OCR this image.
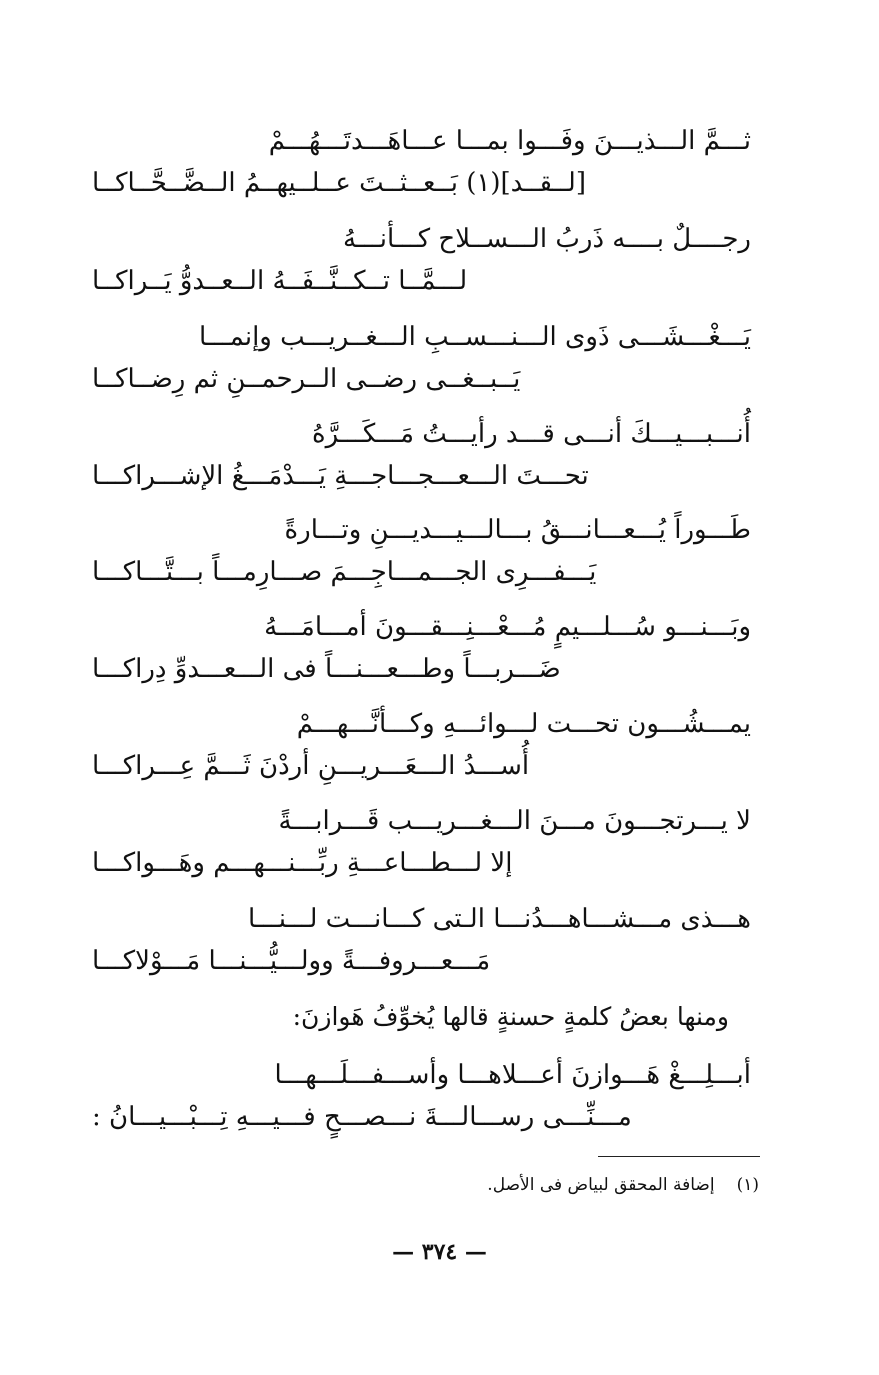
ثـــمَّ الـــذيـــنَ وفَـــوا بمـــا عـــاهَـــدتَـــهُـــمْ
[لــقــد](١) بَــعــثــتَ عــلــيهــمُ الــضَّــحَّــاكــا
رجــــلٌ بــــه ذَربُ الـــســلاح كـــأنـــهُ
لـــمَّــا تــكــنَّــفَــهُ الــعــدوُّ يَــراكــا
يَـــغْـــشَـــى ذَوى الـــنـــســبِ الـــغــريـــب وإنمـــا
يَــبــغــى رضــى الــرحمــنِ ثم رِضــاكــا
أُنـــبـــيـــكَ أنـــى قـــد رأيـــتُ مَـــكَـــرَّهُ
تحـــتَ الـــعـــجـــاجـــةِ يَـــدْمَـــغُ الإشـــراكـــا
طَـــوراً يُـــعـــانـــقُ بـــالـــيـــديـــنِ وتـــارةً
يَـــفـــرِى الجـــمـــاجِـــمَ صـــارِمـــاً بـــتَّـــاكـــا
وبَـــنـــو سُـــلـــيمٍ مُـــعْـــنِـــقـــونَ أمـــامَـــهُ
ضَـــربـــاً وطـــعـــنـــاً فى الـــعـــدوِّ دِراكـــا
يمـــشُـــون تحـــت لـــوائـــهِ وكـــأنَّـــهـــمْ
أُســـدُ الـــعَـــريـــنِ أردْنَ ثَـــمَّ عِـــراكـــا
لا يـــرتجـــونَ مـــنَ الـــغـــريـــب قَـــرابـــةً
إلا لـــطـــاعـــةِ ربِّـــنـــهـــم وهَـــواكـــا
هـــذى مـــشـــاهـــدُنـــا الـتى كـــانـــت لـــنـــا
مَـــعـــروفـــةً وولـــيُّـــنـــا مَـــوْلاكـــا
ومنها بعضُ كلمةٍ حسنةٍ قالها يُخوِّفُ هَوازنَ:
أبـــلِـــغْ هَـــوازنَ أعـــلاهـــا وأســـفـــلَـــهـــا
مـــنِّـــى رســـالـــةَ نـــصـــحٍ فـــيـــهِ تِـــبْـــيـــانُ :
(١)إضافة المحقق لبياض فى الأصل.
— ٣٧٤ —
